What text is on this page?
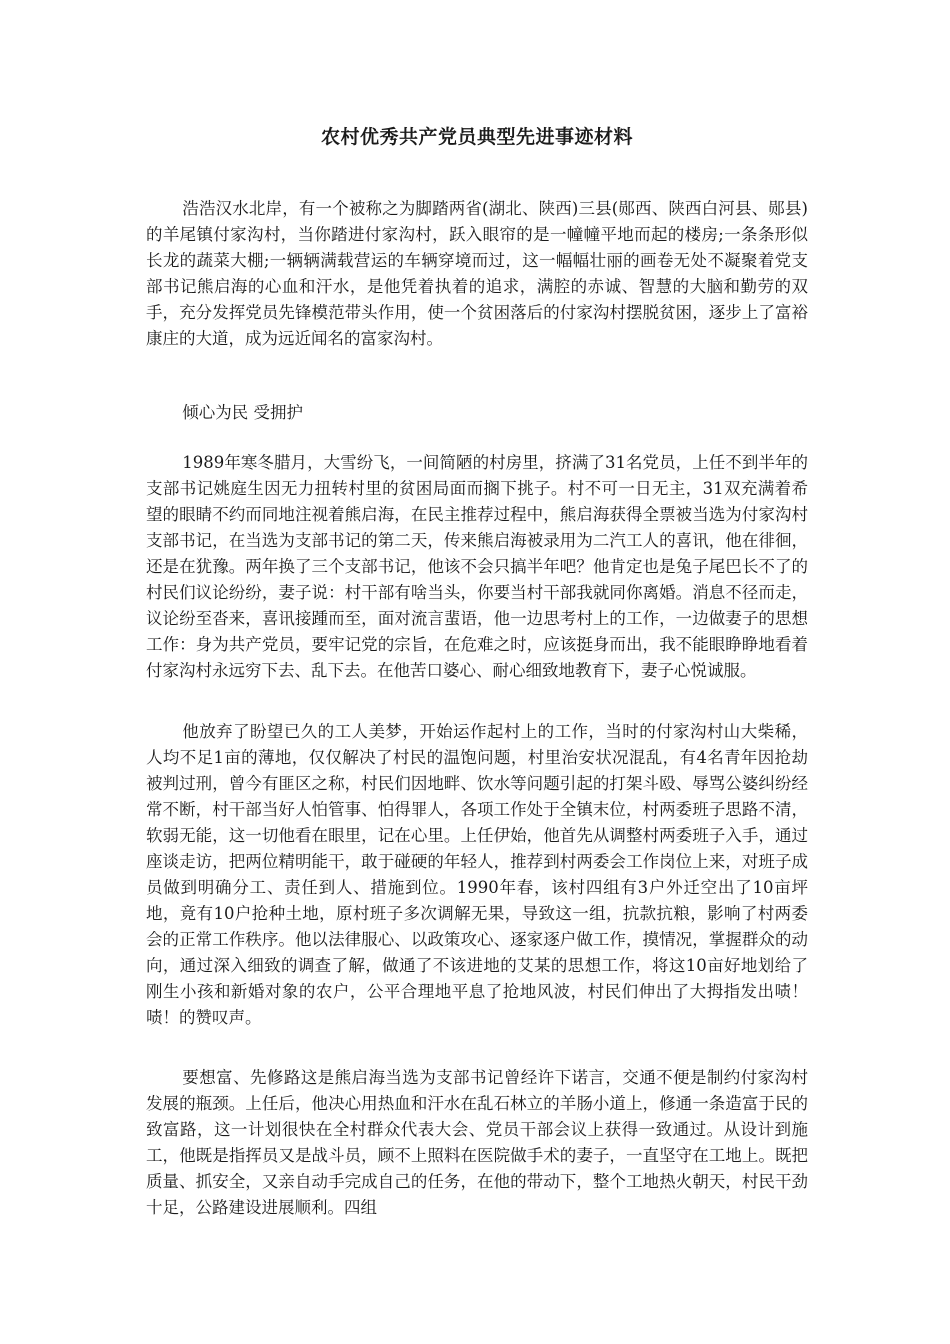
农村优秀共产党员典型先进事迹材料

浩浩汉水北岸，有一个被称之为脚踏两省(湖北、陕西)三县(郧西、陕西白河县、郧县)的羊尾镇付家沟村，当你踏进付家沟村，跃入眼帘的是一幢幢平地而起的楼房;一条条形似长龙的蔬菜大棚;一辆辆满载营运的车辆穿境而过，这一幅幅壮丽的画卷无处不凝聚着党支部书记熊启海的心血和汗水，是他凭着执着的追求，满腔的赤诚、智慧的大脑和勤劳的双手，充分发挥党员先锋模范带头作用，使一个贫困落后的付家沟村摆脱贫困，逐步上了富裕康庄的大道，成为远近闻名的富家沟村。

倾心为民 受拥护

1989年寒冬腊月，大雪纷飞，一间简陋的村房里，挤满了31名党员，上任不到半年的支部书记姚庭生因无力扭转村里的贫困局面而搁下挑子。村不可一日无主，31双充满着希望的眼睛不约而同地注视着熊启海，在民主推荐过程中，熊启海获得全票被当选为付家沟村支部书记，在当选为支部书记的第二天，传来熊启海被录用为二汽工人的喜讯，他在徘徊，还是在犹豫。两年换了三个支部书记，他该不会只搞半年吧？他肯定也是兔子尾巴长不了的村民们议论纷纷，妻子说：村干部有啥当头，你要当村干部我就同你离婚。消息不径而走，议论纷至沓来，喜讯接踵而至，面对流言蜚语，他一边思考村上的工作，一边做妻子的思想工作：身为共产党员，要牢记党的宗旨，在危难之时，应该挺身而出，我不能眼睁睁地看着付家沟村永远穷下去、乱下去。在他苦口婆心、耐心细致地教育下，妻子心悦诚服。

他放弃了盼望已久的工人美梦，开始运作起村上的工作，当时的付家沟村山大柴稀，人均不足1亩的薄地，仅仅解决了村民的温饱问题，村里治安状况混乱，有4名青年因抢劫被判过刑，曾今有匪区之称，村民们因地畔、饮水等问题引起的打架斗殴、辱骂公婆纠纷经常不断，村干部当好人怕管事、怕得罪人，各项工作处于全镇末位，村两委班子思路不清，软弱无能，这一切他看在眼里，记在心里。上任伊始，他首先从调整村两委班子入手，通过座谈走访，把两位精明能干，敢于碰硬的年轻人，推荐到村两委会工作岗位上来，对班子成员做到明确分工、责任到人、措施到位。1990年春，该村四组有3户外迁空出了10亩坪地，竟有10户抢种土地，原村班子多次调解无果，导致这一组，抗款抗粮，影响了村两委会的正常工作秩序。他以法律服心、以政策攻心、逐家逐户做工作，摸情况，掌握群众的动向，通过深入细致的调查了解，做通了不该进地的艾某的思想工作，将这10亩好地划给了刚生小孩和新婚对象的农户，公平合理地平息了抢地风波，村民们伸出了大拇指发出啧！啧！的赞叹声。

要想富、先修路这是熊启海当选为支部书记曾经许下诺言，交通不便是制约付家沟村发展的瓶颈。上任后，他决心用热血和汗水在乱石林立的羊肠小道上，修通一条造富于民的致富路，这一计划很快在全村群众代表大会、党员干部会议上获得一致通过。从设计到施工，他既是指挥员又是战斗员，顾不上照料在医院做手术的妻子，一直坚守在工地上。既把质量、抓安全，又亲自动手完成自己的任务，在他的带动下，整个工地热火朝天，村民干劲十足，公路建设进展顺利。四组
